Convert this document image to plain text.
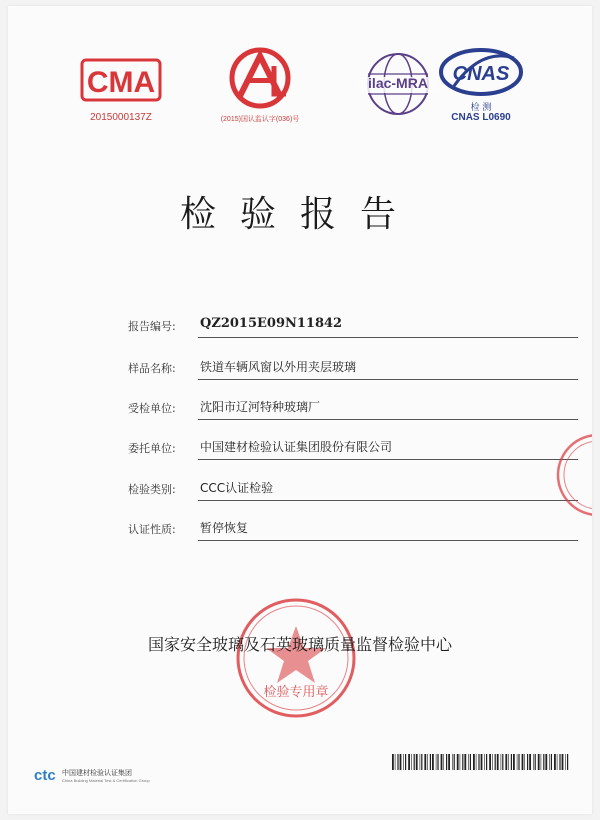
CMA
2015000137Z	(2015)国认监认字(036)号
ilac-MRA	CNAS
检 测
CNAS L0690
检验报告
报告编号: QZ2015E09N11842
样品名称: 铁道车辆风窗以外用夹层玻璃
受检单位: 沈阳市辽河特种玻璃厂
委托单位: 中国建材检验认证集团股份有限公司
检验类别: CCC认证检验
认证性质: 暂停恢复
检验专用章
国家安全玻璃及石英玻璃质量监督检验中心
ctc 中国建材检验认证集团
China Building Material Test & Certification Group
